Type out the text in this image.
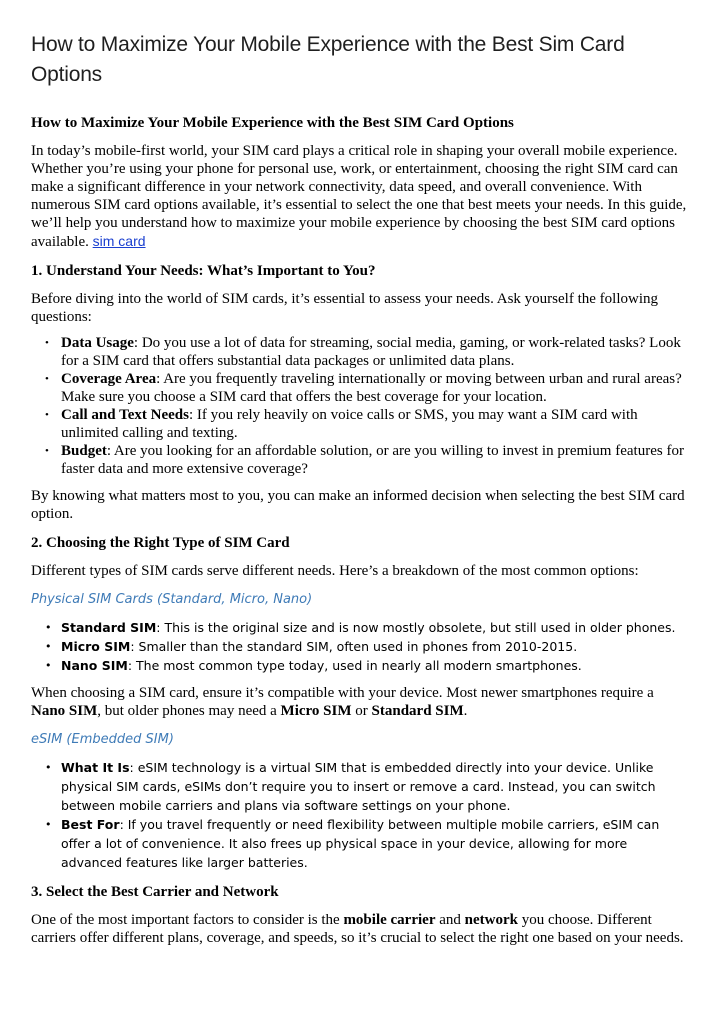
How to Maximize Your Mobile Experience with the Best Sim Card Options
How to Maximize Your Mobile Experience with the Best SIM Card Options

In today’s mobile-first world, your SIM card plays a critical role in shaping your overall mobile experience. Whether you’re using your phone for personal use, work, or entertainment, choosing the right SIM card can make a significant difference in your network connectivity, data speed, and overall convenience. With numerous SIM card options available, it’s essential to select the one that best meets your needs. In this guide, we’ll help you understand how to maximize your mobile experience by choosing the best SIM card options available. sim card

1. Understand Your Needs: What’s Important to You?

Before diving into the world of SIM cards, it’s essential to assess your needs. Ask yourself the following questions:

• Data Usage: Do you use a lot of data for streaming, social media, gaming, or work-related tasks? Look for a SIM card that offers substantial data packages or unlimited data plans.
• Coverage Area: Are you frequently traveling internationally or moving between urban and rural areas? Make sure you choose a SIM card that offers the best coverage for your location.
• Call and Text Needs: If you rely heavily on voice calls or SMS, you may want a SIM card with unlimited calling and texting.
• Budget: Are you looking for an affordable solution, or are you willing to invest in premium features for faster data and more extensive coverage?

By knowing what matters most to you, you can make an informed decision when selecting the best SIM card option.

2. Choosing the Right Type of SIM Card

Different types of SIM cards serve different needs. Here’s a breakdown of the most common options:

Physical SIM Cards (Standard, Micro, Nano)
• Standard SIM: This is the original size and is now mostly obsolete, but still used in older phones.
• Micro SIM: Smaller than the standard SIM, often used in phones from 2010-2015.
• Nano SIM: The most common type today, used in nearly all modern smartphones.

When choosing a SIM card, ensure it’s compatible with your device. Most newer smartphones require a Nano SIM, but older phones may need a Micro SIM or Standard SIM.

eSIM (Embedded SIM)
• What It Is: eSIM technology is a virtual SIM that is embedded directly into your device. Unlike physical SIM cards, eSIMs don’t require you to insert or remove a card. Instead, you can switch between mobile carriers and plans via software settings on your phone.
• Best For: If you travel frequently or need flexibility between multiple mobile carriers, eSIM can offer a lot of convenience. It also frees up physical space in your device, allowing for more advanced features like larger batteries.
3. Select the Best Carrier and Network

One of the most important factors to consider is the mobile carrier and network you choose. Different carriers offer different plans, coverage, and speeds, so it’s crucial to select the right one based on your needs.
